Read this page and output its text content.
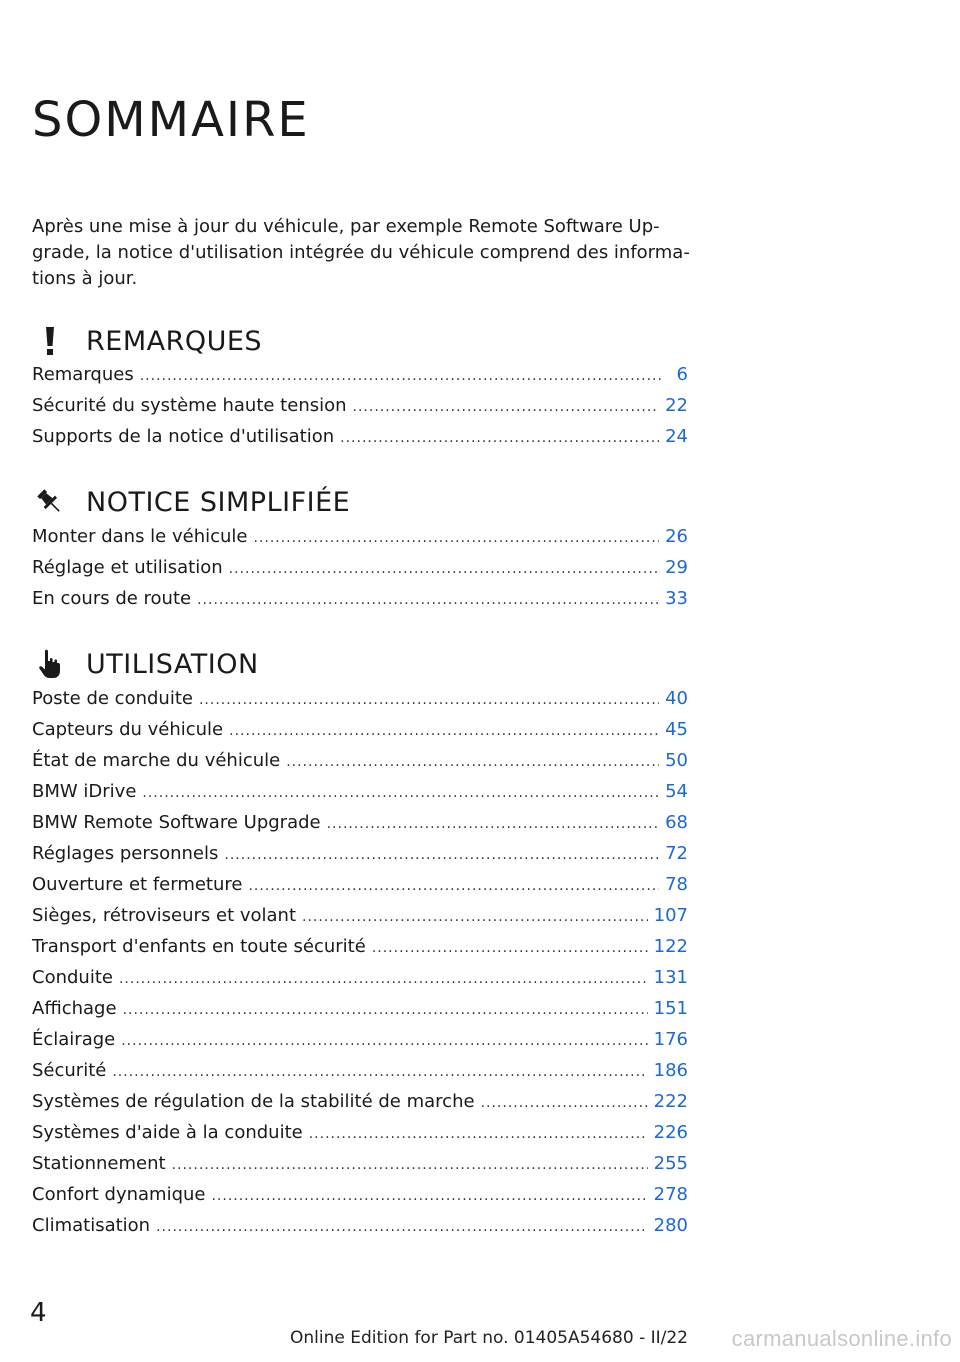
SOMMAIRE

Après une mise à jour du véhicule, par exemple Remote Software Up-grade, la notice d'utilisation intégrée du véhicule comprend des informa-tions à jour.

REMARQUES
Remarques .....	6
Sécurité du système haute tension .....	22
Supports de la notice d'utilisation .....	24
NOTICE SIMPLIFIÉE
Monter dans le véhicule .....	26
Réglage et utilisation .....	29
En cours de route .....	33
UTILISATION
Poste de conduite .....	40
Capteurs du véhicule .....	45
État de marche du véhicule .....	50
BMW iDrive .....	54
BMW Remote Software Upgrade .....	68
Réglages personnels .....	72
Ouverture et fermeture .....	78
Sièges, rétroviseurs et volant .....	107
Transport d'enfants en toute sécurité .....	122
Conduite .....	131
Affichage .....	151
Éclairage .....	176
Sécurité .....	186
Systèmes de régulation de la stabilité de marche .....	222
Systèmes d'aide à la conduite .....	226
Stationnement .....	255
Confort dynamique .....	278
Climatisation .....	280
4
Online Edition for Part no. 01405A54680 - II/22 carmanualsonline.info
